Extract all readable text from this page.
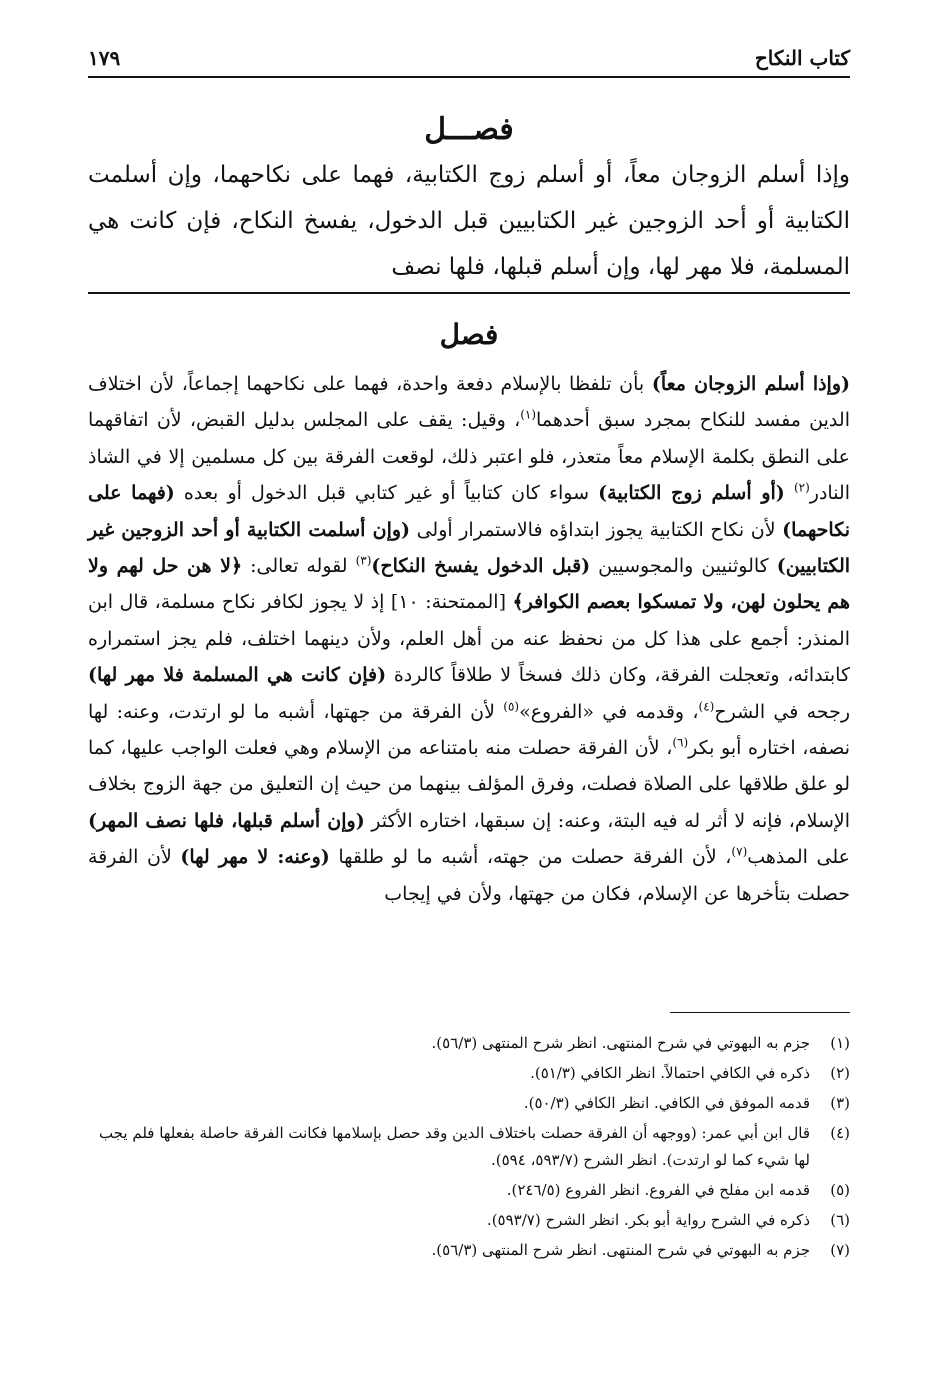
كتاب النكاح
١٧٩
فصـــل
وإذا أسلم الزوجان معاً، أو أسلم زوج الكتابية، فهما على نكاحهما، وإن أسلمت الكتابية أو أحد الزوجين غير الكتابيين قبل الدخول، يفسخ النكاح، فإن كانت هي المسلمة، فلا مهر لها، وإن أسلم قبلها، فلها نصف
فصل
(وإذا أسلم الزوجان معاً) بأن تلفظا بالإسلام دفعة واحدة، فهما على نكاحهما إجماعاً، لأن اختلاف الدين مفسد للنكاح بمجرد سبق أحدهما$^{(١)}$، وقيل: يقف على المجلس بدليل القبض، لأن اتفاقهما على النطق بكلمة الإسلام معاً متعذر، فلو اعتبر ذلك، لوقعت الفرقة بين كل مسلمين إلا في الشاذ النادر$^{(٢)}$ (أو أسلم زوج الكتابية) سواء كان كتابياً أو غير كتابي قبل الدخول أو بعده (فهما على نكاحهما) لأن نكاح الكتابية يجوز ابتداؤه فالاستمرار أولى (وإن أسلمت الكتابية أو أحد الزوجين غير الكتابيين) كالوثنيين والمجوسيين (قبل الدخول يفسخ النكاح)$^{(٣)}$ لقوله تعالى: ﴿لا هن حل لهم ولا هم يحلون لهن، ولا تمسكوا بعصم الكوافر﴾ [الممتحنة: ١٠] إذ لا يجوز لكافر نكاح مسلمة، قال ابن المنذر: أجمع على هذا كل من نحفظ عنه من أهل العلم، ولأن دينهما اختلف، فلم يجز استمراره كابتدائه، وتعجلت الفرقة، وكان ذلك فسخاً لا طلاقاً كالردة (فإن كانت هي المسلمة فلا مهر لها) رجحه في الشرح$^{(٤)}$، وقدمه في «الفروع»$^{(٥)}$ لأن الفرقة من جهتها، أشبه ما لو ارتدت، وعنه: لها نصفه، اختاره أبو بكر$^{(٦)}$، لأن الفرقة حصلت منه بامتناعه من الإسلام وهي فعلت الواجب عليها، كما لو علق طلاقها على الصلاة فصلت، وفرق المؤلف بينهما من حيث إن التعليق من جهة الزوج بخلاف الإسلام، فإنه لا أثر له فيه البتة، وعنه: إن سبقها، اختاره الأكثر (وإن أسلم قبلها، فلها نصف المهر) على المذهب$^{(٧)}$، لأن الفرقة حصلت من جهته، أشبه ما لو طلقها (وعنه: لا مهر لها) لأن الفرقة حصلت بتأخرها عن الإسلام، فكان من جهتها، ولأن في إيجاب
(١)
جزم به البهوتي في شرح المنتهى. انظر شرح المنتهى (٥٦/٣).
(٢)
ذكره في الكافي احتمالاً. انظر الكافي (٥١/٣).
(٣)
قدمه الموفق في الكافي. انظر الكافي (٥٠/٣).
(٤)
قال ابن أبي عمر: (ووجهه أن الفرقة حصلت باختلاف الدين وقد حصل بإسلامها فكانت الفرقة حاصلة بفعلها فلم يجب لها شيء كما لو ارتدت). انظر الشرح (٥٩٣/٧، ٥٩٤).
(٥)
قدمه ابن مفلح في الفروع. انظر الفروع (٢٤٦/٥).
(٦)
ذكره في الشرح رواية أبو بكر. انظر الشرح (٥٩٣/٧).
(٧)
جزم به البهوتي في شرح المنتهى. انظر شرح المنتهى (٥٦/٣).
